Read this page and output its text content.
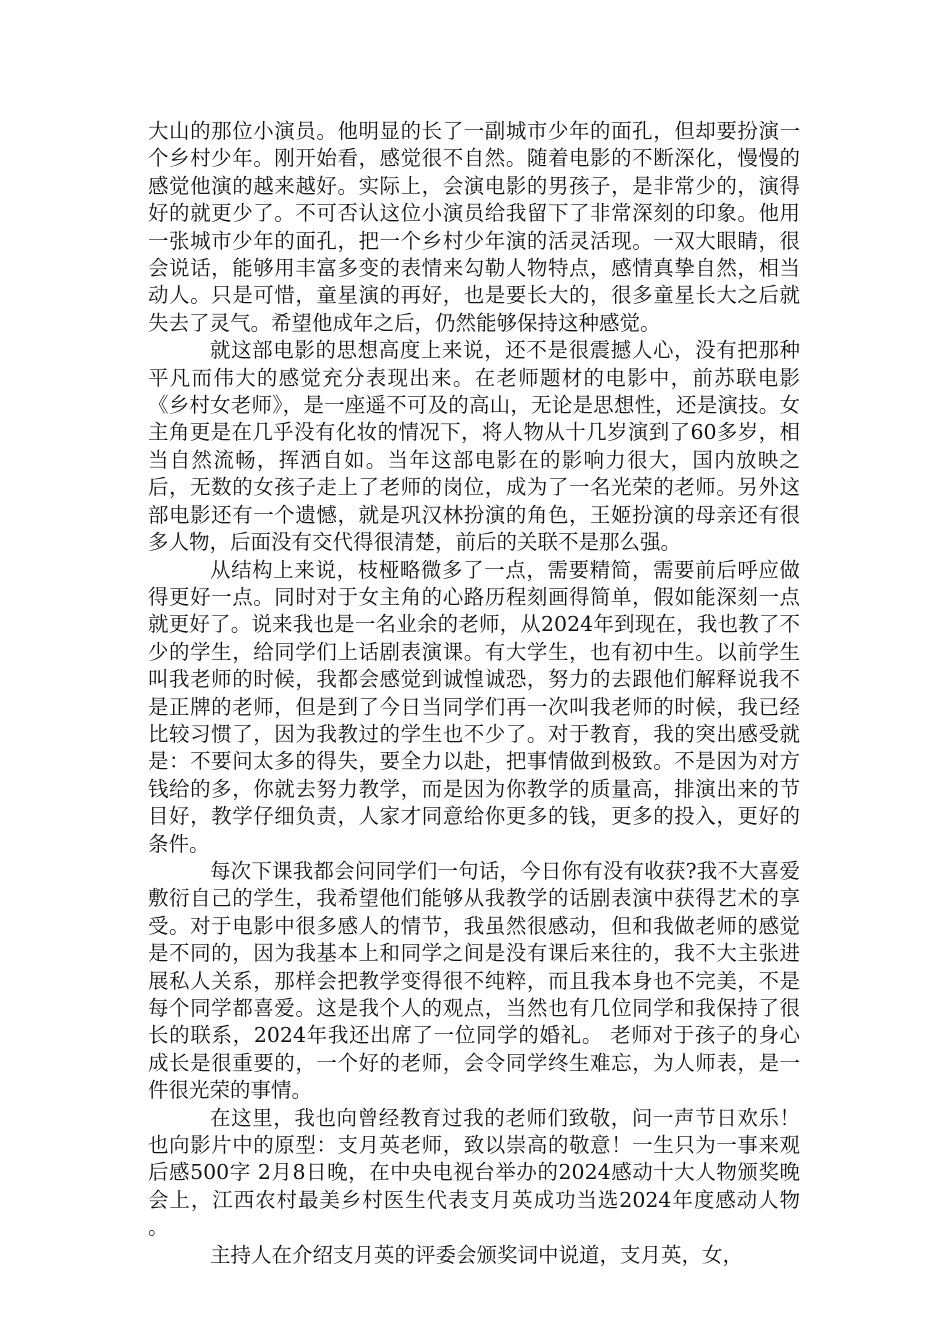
大山的那位小演员。他明显的长了一副城市少年的面孔，但却要扮演一个乡村少年。刚开始看，感觉很不自然。随着电影的不断深化，慢慢的感觉他演的越来越好。实际上，会演电影的男孩子，是非常少的，演得好的就更少了。不可否认这位小演员给我留下了非常深刻的印象。他用一张城市少年的面孔，把一个乡村少年演的活灵活现。一双大眼睛，很会说话，能够用丰富多变的表情来勾勒人物特点，感情真挚自然，相当动人。只是可惜，童星演的再好，也是要长大的，很多童星长大之后就失去了灵气。希望他成年之后，仍然能够保持这种感觉。

就这部电影的思想高度上来说，还不是很震撼人心，没有把那种平凡而伟大的感觉充分表现出来。在老师题材的电影中，前苏联电影《乡村女老师》，是一座遥不可及的高山，无论是思想性，还是演技。女主角更是在几乎没有化妆的情况下，将人物从十几岁演到了60多岁，相当自然流畅，挥洒自如。当年这部电影在的影响力很大，国内放映之后，无数的女孩子走上了老师的岗位，成为了一名光荣的老师。另外这部电影还有一个遗憾，就是巩汉林扮演的角色，王姬扮演的母亲还有很多人物，后面没有交代得很清楚，前后的关联不是那么强。

从结构上来说，枝桠略微多了一点，需要精简，需要前后呼应做得更好一点。同时对于女主角的心路历程刻画得简单，假如能深刻一点就更好了。说来我也是一名业余的老师，从2024年到现在，我也教了不少的学生，给同学们上话剧表演课。有大学生，也有初中生。以前学生叫我老师的时候，我都会感觉到诚惶诚恐，努力的去跟他们解释说我不是正牌的老师，但是到了今日当同学们再一次叫我老师的时候，我已经比较习惯了，因为我教过的学生也不少了。对于教育，我的突出感受就是：不要问太多的得失，要全力以赴，把事情做到极致。不是因为对方钱给的多，你就去努力教学，而是因为你教学的质量高，排演出来的节目好，教学仔细负责，人家才同意给你更多的钱，更多的投入，更好的条件。

每次下课我都会问同学们一句话，今日你有没有收获?我不大喜爱敷衍自己的学生，我希望他们能够从我教学的话剧表演中获得艺术的享受。对于电影中很多感人的情节，我虽然很感动，但和我做老师的感觉是不同的，因为我基本上和同学之间是没有课后来往的，我不大主张进展私人关系，那样会把教学变得很不纯粹，而且我本身也不完美，不是每个同学都喜爱。这是我个人的观点，当然也有几位同学和我保持了很长的联系，2024年我还出席了一位同学的婚礼。 老师对于孩子的身心成长是很重要的，一个好的老师，会令同学终生难忘，为人师表，是一件很光荣的事情。

在这里，我也向曾经教育过我的老师们致敬，问一声节日欢乐！也向影片中的原型：支月英老师，致以崇高的敬意！一生只为一事来观后感500字 2月8日晚，在中央电视台举办的2024感动十大人物颁奖晚会上，江西农村最美乡村医生代表支月英成功当选2024年度感动人物 。

主持人在介绍支月英的评委会颁奖词中说道，支月英，女，
